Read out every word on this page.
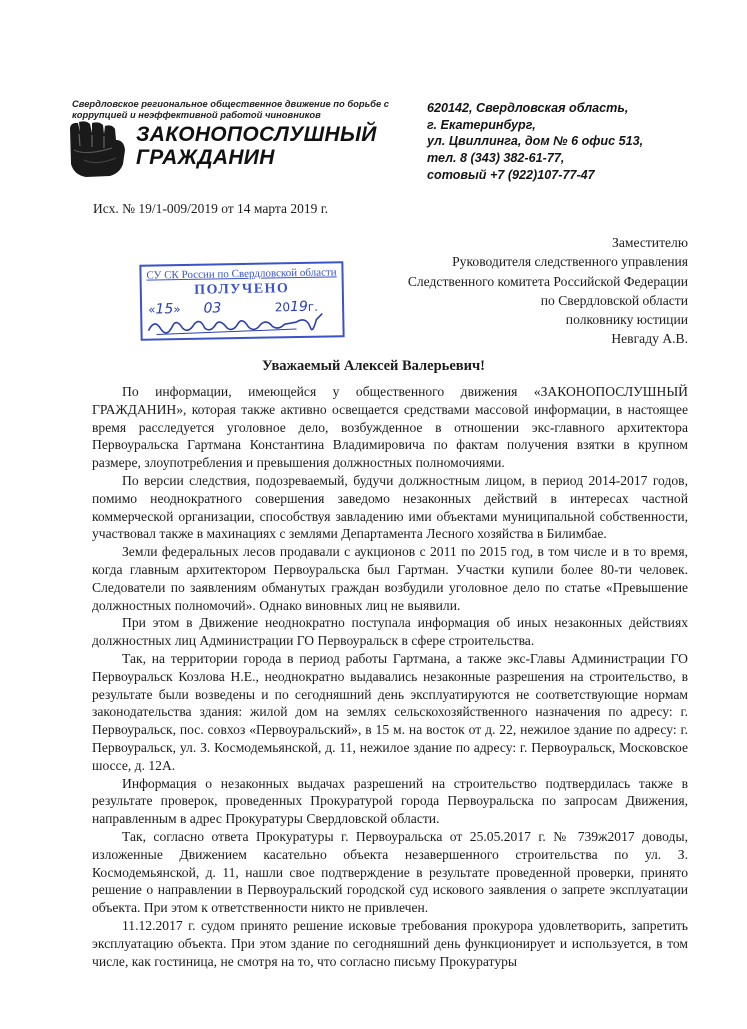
Свердловское региональное общественное движение по борьбе с коррупцией и неэффективной работой чиновников
ЗАКОНОПОСЛУШНЫЙ
ГРАЖДАНИН
620142, Свердловская область,
г. Екатеринбург,
ул. Цвиллинга, дом № 6 офис 513,
тел. 8 (343) 382-61-77,
сотовый +7 (922)107-77-47
Исх. № 19/1-009/2019 от 14 марта 2019 г.
Заместителю
Руководителя следственного управления
Следственного комитета Российской Федерации
по Свердловской области
полковнику юстиции
Невгаду А.В.
СУ СК России по Свердловской области
ПОЛУЧЕНО
«15»      03	2019г.
Уважаемый Алексей Валерьевич!

По информации, имеющейся у общественного движения «ЗАКОНОПОСЛУШНЫЙ ГРАЖДАНИН», которая также активно освещается средствами массовой информации, в настоящее время расследуется уголовное дело, возбужденное в отношении экс-главного архитектора Первоуральска Гартмана Константина Владимировича по фактам получения взятки в крупном размере, злоупотребления и превышения должностных полномочиями.

По версии следствия, подозреваемый, будучи должностным лицом, в период 2014-2017 годов, помимо неоднократного совершения заведомо незаконных действий в интересах частной коммерческой организации, способствуя завладению ими объектами муниципальной собственности, участвовал также в махинациях с землями Департамента Лесного хозяйства в Билимбае.

Земли федеральных лесов продавали с аукционов с 2011 по 2015 год, в том числе и в то время, когда главным архитектором Первоуральска был Гартман. Участки купили более 80-ти человек. Следователи по заявлениям обманутых граждан возбудили уголовное дело по статье «Превышение должностных полномочий». Однако виновных лиц не выявили.

При этом в Движение неоднократно поступала информация об иных незаконных действиях должностных лиц Администрации ГО Первоуральск в сфере строительства.

Так, на территории города в период работы Гартмана, а также экс-Главы Администрации ГО Первоуральск Козлова Н.Е., неоднократно выдавались незаконные разрешения на строительство, в результате были возведены и по сегодняшний день эксплуатируются не соответствующие нормам законодательства здания: жилой дом на землях сельскохозяйственного назначения по адресу: г. Первоуральск, пос. совхоз «Первоуральский», в 15 м. на восток от д. 22, нежилое здание по адресу: г. Первоуральск, ул. З. Космодемьянской, д. 11, нежилое здание по адресу: г. Первоуральск, Московское шоссе, д. 12А.

Информация о незаконных выдачах разрешений на строительство подтвердилась также в результате проверок, проведенных Прокуратурой города Первоуральска по запросам Движения, направленным в адрес Прокуратуры Свердловской области.

Так, согласно ответа Прокуратуры г. Первоуральска от 25.05.2017 г. № 739ж2017 доводы, изложенные Движением касательно объекта незавершенного строительства по ул. З. Космодемьянской, д. 11, нашли свое подтверждение в результате проведенной проверки, принято решение о направлении в Первоуральский городской суд искового заявления о запрете эксплуатации объекта. При этом к ответственности никто не привлечен.

11.12.2017 г. судом принято решение исковые требования прокурора удовлетворить, запретить эксплуатацию объекта. При этом здание по сегодняшний день функционирует и используется, в том числе, как гостиница, не смотря на то, что согласно письму Прокуратуры
